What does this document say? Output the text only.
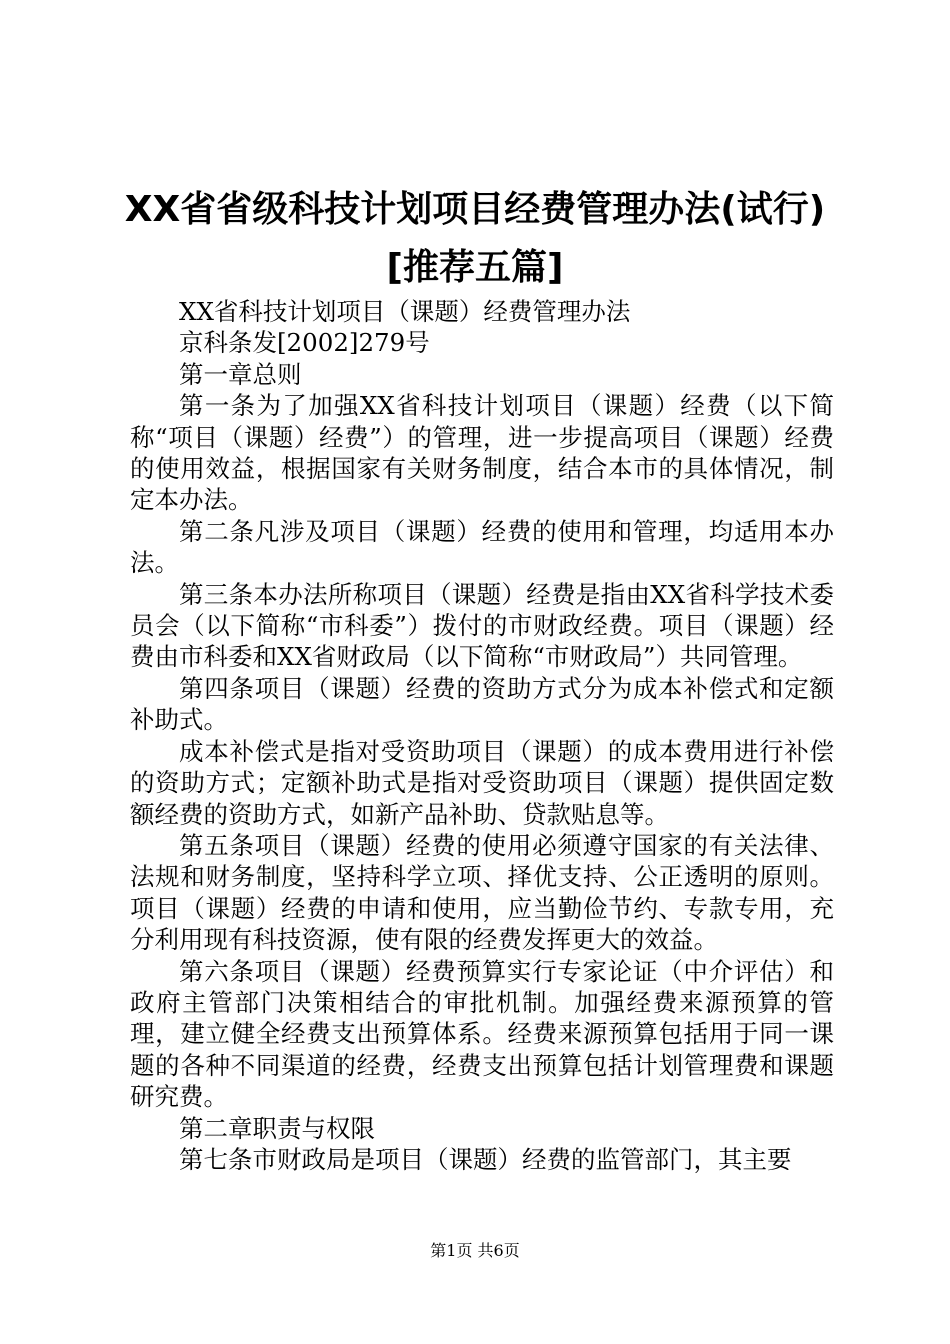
XX省省级科技计划项目经费管理办法(试行)
[推荐五篇]

XX省科技计划项目（课题）经费管理办法

京科条发[2002]279号

第一章总则

第一条为了加强XX省科技计划项目（课题）经费（以下简称“项目（课题）经费”）的管理，进一步提高项目（课题）经费的使用效益，根据国家有关财务制度，结合本市的具体情况，制定本办法。

第二条凡涉及项目（课题）经费的使用和管理，均适用本办法。

第三条本办法所称项目（课题）经费是指由XX省科学技术委员会（以下简称“市科委”）拨付的市财政经费。项目（课题）经费由市科委和XX省财政局（以下简称“市财政局”）共同管理。

第四条项目（课题）经费的资助方式分为成本补偿式和定额补助式。

成本补偿式是指对受资助项目（课题）的成本费用进行补偿的资助方式；定额补助式是指对受资助项目（课题）提供固定数额经费的资助方式，如新产品补助、贷款贴息等。

第五条项目（课题）经费的使用必须遵守国家的有关法律、法规和财务制度，坚持科学立项、择优支持、公正透明的原则。项目（课题）经费的申请和使用，应当勤俭节约、专款专用，充分利用现有科技资源，使有限的经费发挥更大的效益。

第六条项目（课题）经费预算实行专家论证（中介评估）和政府主管部门决策相结合的审批机制。加强经费来源预算的管理，建立健全经费支出预算体系。经费来源预算包括用于同一课题的各种不同渠道的经费，经费支出预算包括计划管理费和课题研究费。

第二章职责与权限

第七条市财政局是项目（课题）经费的监管部门，其主要

第1页 共6页
